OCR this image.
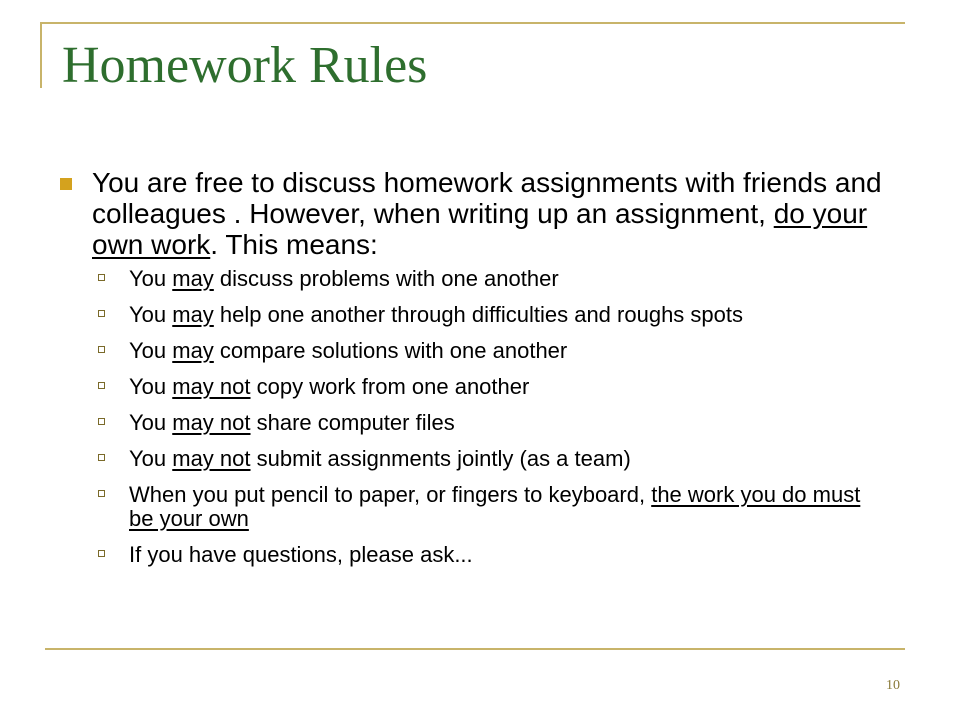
Homework Rules
You are free to discuss homework assignments with friends and colleagues . However, when writing up an assignment, do your own work. This means:
You may discuss problems with one another
You may help one another through difficulties and roughs spots
You may compare solutions with one another
You may not copy work from one another
You may not share computer files
You may not submit assignments jointly (as a team)
When you put pencil to paper, or fingers to keyboard, the work you do must be your own
If you have questions, please ask...
10
